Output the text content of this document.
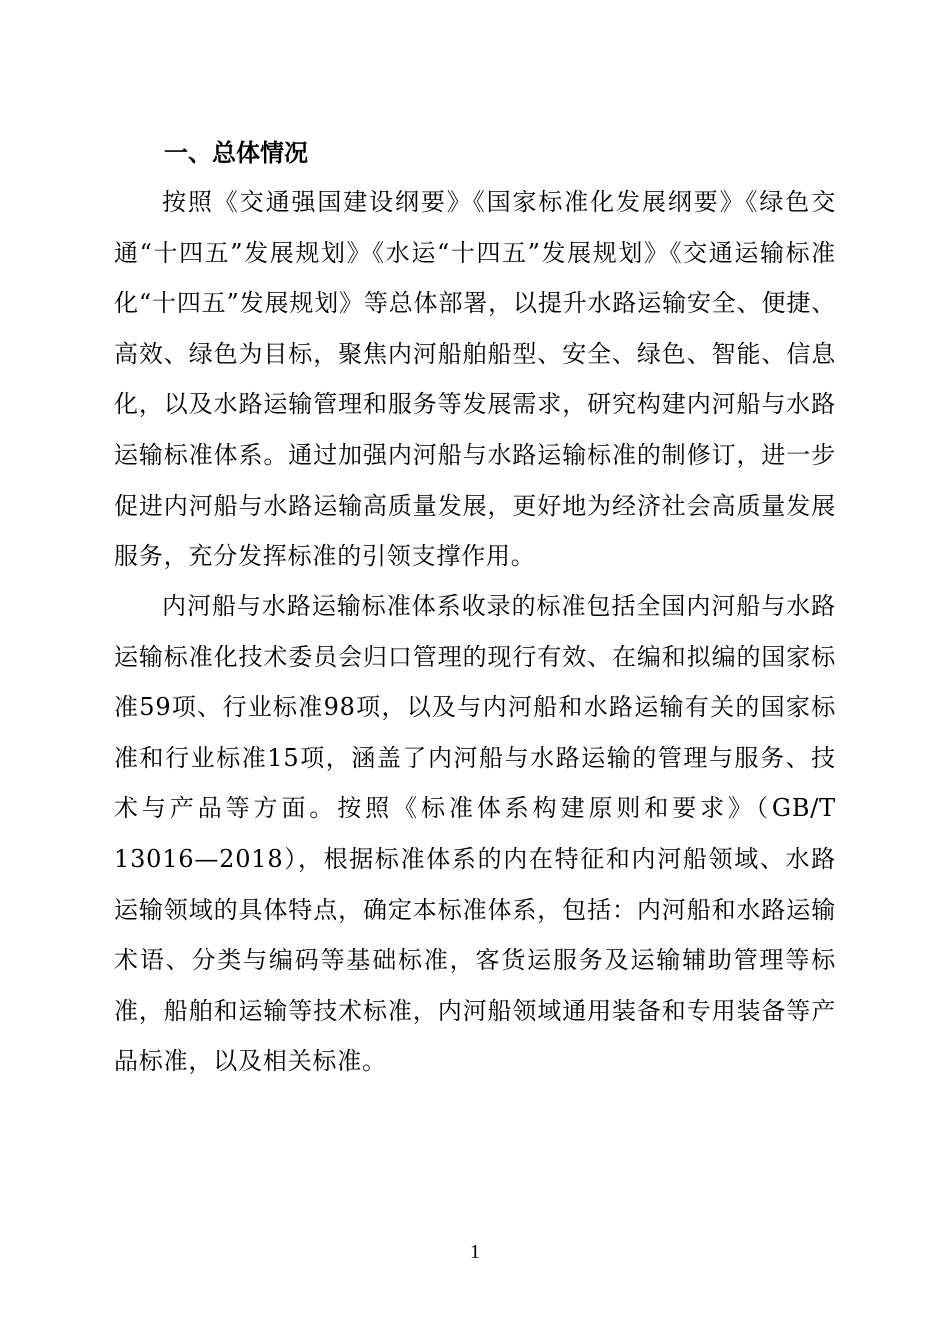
一、总体情况

按照《交通强国建设纲要》《国家标准化发展纲要》《绿色交通“十四五”发展规划》《水运“十四五”发展规划》《交通运输标准化“十四五”发展规划》等总体部署，以提升水路运输安全、便捷、高效、绿色为目标，聚焦内河船舶船型、安全、绿色、智能、信息化，以及水路运输管理和服务等发展需求，研究构建内河船与水路运输标准体系。通过加强内河船与水路运输标准的制修订，进一步促进内河船与水路运输高质量发展，更好地为经济社会高质量发展服务，充分发挥标准的引领支撑作用。

内河船与水路运输标准体系收录的标准包括全国内河船与水路运输标准化技术委员会归口管理的现行有效、在编和拟编的国家标准59项、行业标准98项，以及与内河船和水路运输有关的国家标准和行业标准15项，涵盖了内河船与水路运输的管理与服务、技术与产品等方面。按照《标准体系构建原则和要求》（GB/T 13016—2018），根据标准体系的内在特征和内河船领域、水路运输领域的具体特点，确定本标准体系，包括：内河船和水路运输术语、分类与编码等基础标准，客货运服务及运输辅助管理等标准，船舶和运输等技术标准，内河船领域通用装备和专用装备等产品标准，以及相关标准。

1
